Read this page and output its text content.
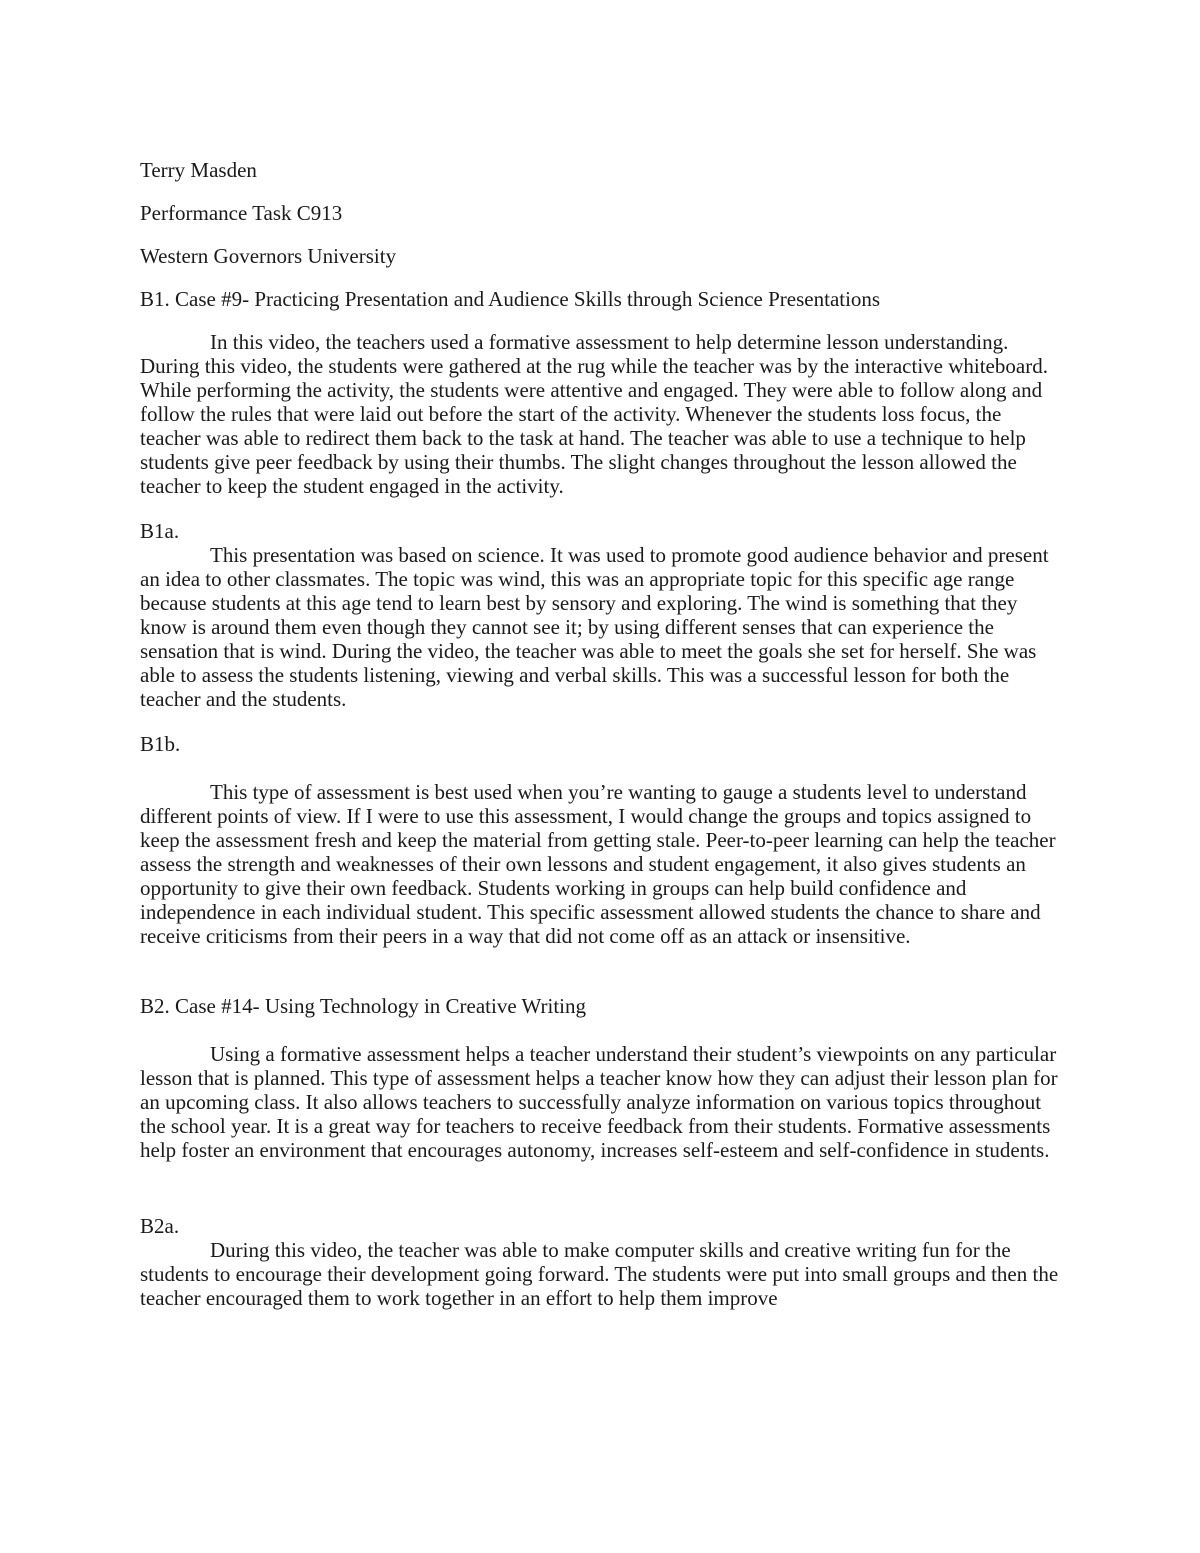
Terry Masden
Performance Task C913
Western Governors University
B1. Case #9- Practicing Presentation and Audience Skills through Science Presentations

In this video, the teachers used a formative assessment to help determine lesson understanding. During this video, the students were gathered at the rug while the teacher was by the interactive whiteboard. While performing the activity, the students were attentive and engaged. They were able to follow along and follow the rules that were laid out before the start of the activity. Whenever the students loss focus, the teacher was able to redirect them back to the task at hand. The teacher was able to use a technique to help students give peer feedback by using their thumbs. The slight changes throughout the lesson allowed the teacher to keep the student engaged in the activity.

B1a.

This presentation was based on science. It was used to promote good audience behavior and present an idea to other classmates. The topic was wind, this was an appropriate topic for this specific age range because students at this age tend to learn best by sensory and exploring. The wind is something that they know is around them even though they cannot see it; by using different senses that can experience the sensation that is wind. During the video, the teacher was able to meet the goals she set for herself. She was able to assess the students listening, viewing and verbal skills. This was a successful lesson for both the teacher and the students.

B1b.

This type of assessment is best used when you’re wanting to gauge a students level to understand different points of view. If I were to use this assessment, I would change the groups and topics assigned to keep the assessment fresh and keep the material from getting stale. Peer-to-peer learning can help the teacher assess the strength and weaknesses of their own lessons and student engagement, it also gives students an opportunity to give their own feedback. Students working in groups can help build confidence and independence in each individual student. This specific assessment allowed students the chance to share and receive criticisms from their peers in a way that did not come off as an attack or insensitive.

B2. Case #14- Using Technology in Creative Writing

Using a formative assessment helps a teacher understand their student’s viewpoints on any particular lesson that is planned. This type of assessment helps a teacher know how they can adjust their lesson plan for an upcoming class. It also allows teachers to successfully analyze information on various topics throughout the school year. It is a great way for teachers to receive feedback from their students. Formative assessments help foster an environment that encourages autonomy, increases self-esteem and self-confidence in students.

B2a.

During this video, the teacher was able to make computer skills and creative writing fun for the students to encourage their development going forward. The students were put into small groups and then the teacher encouraged them to work together in an effort to help them improve
